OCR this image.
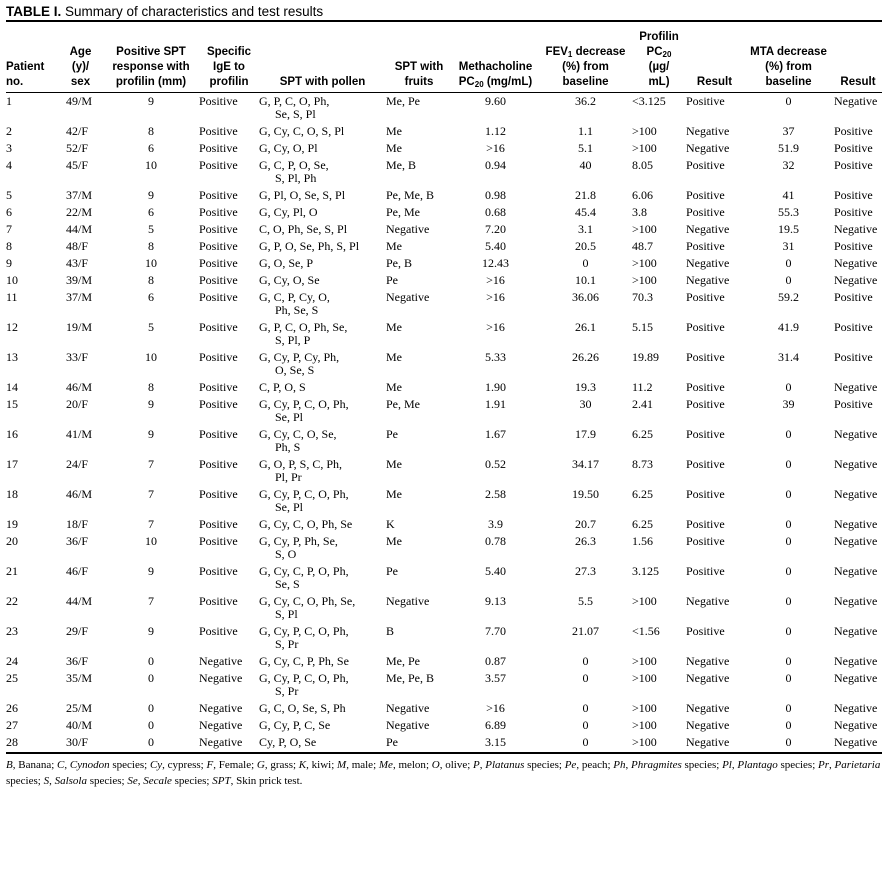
TABLE I. Summary of characteristics and test results
Patient
no.	Age
(y)/
sex	Positive SPT
response with
profilin (mm)	Specific
IgE to
profilin	SPT with pollen	SPT with
fruits	Methacholine
$PC_{20}$ (mg/mL)	$FEV_1$ decrease
(%) from
baseline	Profilin
$PC_{20}$
(µg/
mL)	Result	MTA decrease
(%) from
baseline	Result

1	49/M	9	Positive	G, P, C, O, Ph,
Se, S, Pl	Me, Pe	9.60	36.2	<3.125	Positive	0	Negative
2	42/F	8	Positive	G, Cy, C, O, S, Pl	Me	1.12	1.1	>100	Negative	37	Positive
3	52/F	6	Positive	G, Cy, O, Pl	Me	>16	5.1	>100	Negative	51.9	Positive
4	45/F	10	Positive	G, C, P, O, Se,
S, Pl, Ph	Me, B	0.94	40	8.05	Positive	32	Positive
5	37/M	9	Positive	G, Pl, O, Se, S, Pl	Pe, Me, B	0.98	21.8	6.06	Positive	41	Positive
6	22/M	6	Positive	G, Cy, Pl, O	Pe, Me	0.68	45.4	3.8	Positive	55.3	Positive
7	44/M	5	Positive	C, O, Ph, Se, S, Pl	Negative	7.20	3.1	>100	Negative	19.5	Negative
8	48/F	8	Positive	G, P, O, Se, Ph, S, Pl	Me	5.40	20.5	48.7	Positive	31	Positive
9	43/F	10	Positive	G, O, Se, P	Pe, B	12.43	0	>100	Negative	0	Negative
10	39/M	8	Positive	G, Cy, O, Se	Pe	>16	10.1	>100	Negative	0	Negative
11	37/M	6	Positive	G, C, P, Cy, O,
Ph, Se, S	Negative	>16	36.06	70.3	Positive	59.2	Positive
12	19/M	5	Positive	G, P, C, O, Ph, Se,
S, Pl, P	Me	>16	26.1	5.15	Positive	41.9	Positive
13	33/F	10	Positive	G, Cy, P, Cy, Ph,
O, Se, S	Me	5.33	26.26	19.89	Positive	31.4	Positive
14	46/M	8	Positive	C, P, O, S	Me	1.90	19.3	11.2	Positive	0	Negative
15	20/F	9	Positive	G, Cy, P, C, O, Ph,
Se, Pl	Pe, Me	1.91	30	2.41	Positive	39	Positive
16	41/M	9	Positive	G, Cy, C, O, Se,
Ph, S	Pe	1.67	17.9	6.25	Positive	0	Negative
17	24/F	7	Positive	G, O, P, S, C, Ph,
Pl, Pr	Me	0.52	34.17	8.73	Positive	0	Negative
18	46/M	7	Positive	G, Cy, P, C, O, Ph,
Se, Pl	Me	2.58	19.50	6.25	Positive	0	Negative
19	18/F	7	Positive	G, Cy, C, O, Ph, Se	K	3.9	20.7	6.25	Positive	0	Negative
20	36/F	10	Positive	G, Cy, P, Ph, Se,
S, O	Me	0.78	26.3	1.56	Positive	0	Negative
21	46/F	9	Positive	G, Cy, C, P, O, Ph,
Se, S	Pe	5.40	27.3	3.125	Positive	0	Negative
22	44/M	7	Positive	G, Cy, C, O, Ph, Se,
S, Pl	Negative	9.13	5.5	>100	Negative	0	Negative
23	29/F	9	Positive	G, Cy, P, C, O, Ph,
S, Pr	B	7.70	21.07	<1.56	Positive	0	Negative
24	36/F	0	Negative	G, Cy, C, P, Ph, Se	Me, Pe	0.87	0	>100	Negative	0	Negative
25	35/M	0	Negative	G, Cy, P, C, O, Ph,
S, Pr	Me, Pe, B	3.57	0	>100	Negative	0	Negative
26	25/M	0	Negative	G, C, O, Se, S, Ph	Negative	>16	0	>100	Negative	0	Negative
27	40/M	0	Negative	G, Cy, P, C, Se	Negative	6.89	0	>100	Negative	0	Negative
28	30/F	0	Negative	Cy, P, O, Se	Pe	3.15	0	>100	Negative	0	Negative
B, Banana; C, Cynodon species; Cy, cypress; F, Female; G, grass; K, kiwi; M, male; Me, melon; O, olive; P, Platanus species; Pe, peach; Ph, Phragmites species; Pl, Plantago species; Pr, Parietaria species; S, Salsola species; Se, Secale species; SPT, Skin prick test.
